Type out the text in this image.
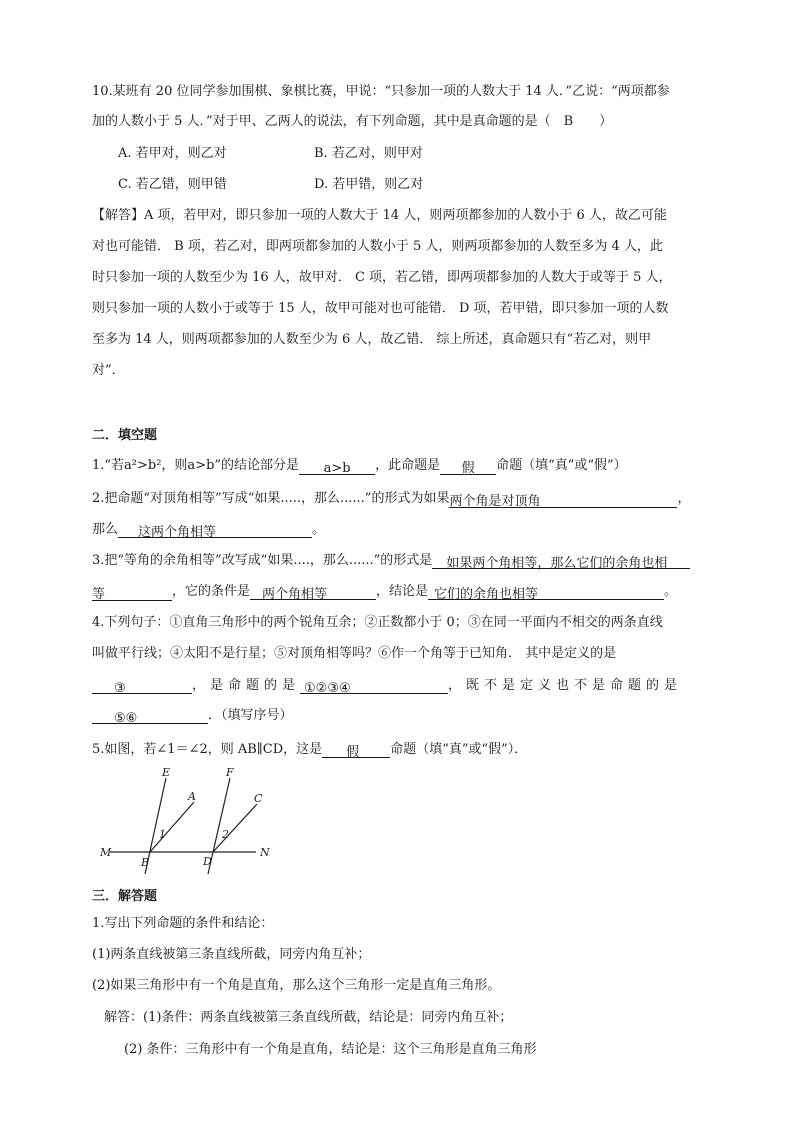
10.某班有 20 位同学参加围棋、象棋比赛，甲说：“只参加一项的人数大于 14 人．”乙说：“两项都参
加的人数小于 5 人．”对于甲、乙两人的说法，有下列命题，其中是真命题的是（　B　　）
A. 若甲对，则乙对	B. 若乙对，则甲对
C. 若乙错，则甲错	D. 若甲错，则乙对
【解答】A 项，若甲对，即只参加一项的人数大于 14 人，则两项都参加的人数小于 6 人，故乙可能
对也可能错． B 项，若乙对，即两项都参加的人数小于 5 人，则两项都参加的人数至多为 4 人，此
时只参加一项的人数至少为 16 人，故甲对． C 项，若乙错，即两项都参加的人数大于或等于 5 人，
则只参加一项的人数小于或等于 15 人，故甲可能对也可能错． D 项，若甲错，即只参加一项的人数
至多为 14 人，则两项都参加的人数至少为 6 人，故乙错． 综上所述，真命题只有“若乙对，则甲
对”．
二．填空题
1.“若a²>b²，则a>b”的结论部分是 a>b ，此命题是 假 命题（填“真”或“假”）
2.把命题“对顶角相等”写成“如果.....，那么......”的形式为如果两个角是对顶角	，
那么 这两个角相等	。
3.把“等角的余角相等”改写成“如果....，那么......”的形式是 如果两个角相等，那么它们的余角也相
等	，它的条件是 两个角相等	，结论是 它们的余角也相等	。
4.下列句子：①直角三角形中的两个锐角互余；②正数都小于 0；③在同一平面内不相交的两条直线
叫做平行线；④太阳不是行星；⑤对顶角相等吗？⑥作一个角等于已知角． 其中是定义的是
③	，是命题的是 ①②③④	，既不是定义也不是命题的是
⑤⑥	．（填写序号）
5.如图，若∠1＝∠2，则 AB∥CD，这是 假 命题（填“真”或“假”）．
E
A
F
C
M	N
B	D
1	2
三．解答题
1.写出下列命题的条件和结论：
(1)两条直线被第三条直线所截，同旁内角互补；
(2)如果三角形中有一个角是直角，那么这个三角形一定是直角三角形。
解答：(1)条件：两条直线被第三条直线所截，结论是：同旁内角互补；
(2) 条件：三角形中有一个角是直角，结论是：这个三角形是直角三角形
